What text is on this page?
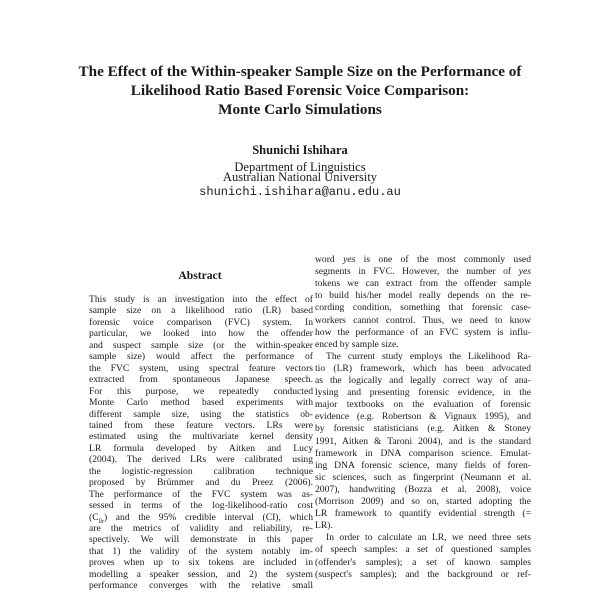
The Effect of the Within-speaker Sample Size on the Performance of
Likelihood Ratio Based Forensic Voice Comparison:
Monte Carlo Simulations
Shunichi Ishihara
Department of Linguistics
Australian National University
shunichi.ishihara@anu.edu.au
Abstract
This study is an investigation into the effect of
sample size on a likelihood ratio (LR) based
forensic voice comparison (FVC) system. In
particular, we looked into how the offender
and suspect sample size (or the within-speaker
sample size) would affect the performance of
the FVC system, using spectral feature vectors
extracted from spontaneous Japanese speech.
For this purpose, we repeatedly conducted
Monte Carlo method based experiments with
different sample size, using the statistics ob-
tained from these feature vectors. LRs were
estimated using the multivariate kernel density
LR formula developed by Aitken and Lucy
(2004). The derived LRs were calibrated using
the logistic-regression calibration technique
proposed by Brümmer and du Preez (2006).
The performance of the FVC system was as-
sessed in terms of the log-likelihood-ratio cost
$(C_{llr})$ and the 95% credible interval (CI), which
are the metrics of validity and reliability, re-
spectively. We will demonstrate in this paper
that 1) the validity of the system notably im-
proves when up to six tokens are included in
modelling a speaker session, and 2) the system
performance converges with the relative small
word yes is one of the most commonly used
segments in FVC. However, the number of yes
tokens we can extract from the offender sample
to build his/her model really depends on the re-
cording condition, something that forensic case-
workers cannot control. Thus, we need to know
how the performance of an FVC system is influ-
enced by sample size.
The current study employs the Likelihood Ra-
tio (LR) framework, which has been advocated
as the logically and legally correct way of ana-
lysing and presenting forensic evidence, in the
major textbooks on the evaluation of forensic
evidence (e.g. Robertson & Vignaux 1995), and
by forensic statisticians (e.g. Aitken & Stoney
1991, Aitken & Taroni 2004), and is the standard
framework in DNA comparison science. Emulat-
ing DNA forensic science, many fields of foren-
sic sciences, such as fingerprint (Neumann et al.
2007), handwriting (Bozza et al. 2008), voice
(Morrison 2009) and so on, started adopting the
LR framework to quantify evidential strength (=
LR).
In order to calculate an LR, we need three sets
of speech samples: a set of questioned samples
(offender's samples); a set of known samples
(suspect's samples); and the background or ref-
